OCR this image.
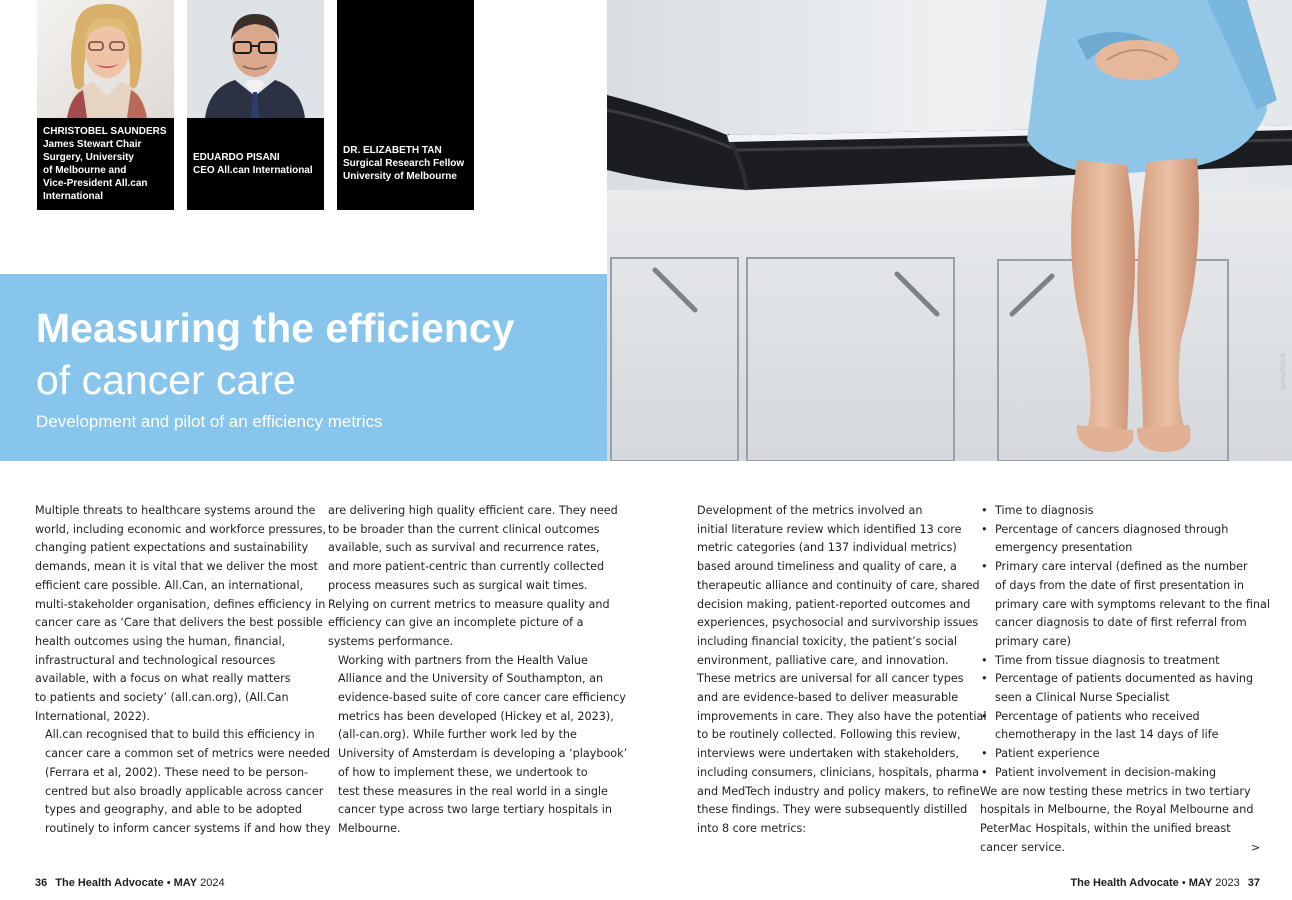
CHRISTOBEL SAUNDERS
James Stewart Chair
Surgery, University
of Melbourne and
Vice-President All.can
International
EDUARDO PISANI
CEO All.can International
DR. ELIZABETH TAN
Surgical Research Fellow
University of Melbourne
Getty/iStock
Measuring the efficiency
of cancer care
Development and pilot of an efficiency metrics

Multiple threats to healthcare systems around the
world, including economic and workforce pressures,
changing patient expectations and sustainability
demands, mean it is vital that we deliver the most
efficient care possible. All.Can, an international,
multi-stakeholder organisation, defines efficiency in
cancer care as ‘Care that delivers the best possible
health outcomes using the human, financial,
infrastructural and technological resources
available, with a focus on what really matters
to patients and society’ (all.can.org), (All.Can
International, 2022).

All.can recognised that to build this efficiency in
cancer care a common set of metrics were needed
(Ferrara et al, 2002). These need to be person-
centred but also broadly applicable across cancer
types and geography, and able to be adopted
routinely to inform cancer systems if and how they

are delivering high quality efficient care. They need
to be broader than the current clinical outcomes
available, such as survival and recurrence rates,
and more patient-centric than currently collected
process measures such as surgical wait times.
Relying on current metrics to measure quality and
efficiency can give an incomplete picture of a
systems performance.

Working with partners from the Health Value
Alliance and the University of Southampton, an
evidence-based suite of core cancer care efficiency
metrics has been developed (Hickey et al, 2023),
(all-can.org). While further work led by the
University of Amsterdam is developing a ‘playbook’
of how to implement these, we undertook to
test these measures in the real world in a single
cancer type across two large tertiary hospitals in
Melbourne.

Development of the metrics involved an
initial literature review which identified 13 core
metric categories (and 137 individual metrics)
based around timeliness and quality of care, a
therapeutic alliance and continuity of care, shared
decision making, patient-reported outcomes and
experiences, psychosocial and survivorship issues
including financial toxicity, the patient’s social
environment, palliative care, and innovation.
These metrics are universal for all cancer types
and are evidence-based to deliver measurable
improvements in care. They also have the potential
to be routinely collected. Following this review,
interviews were undertaken with stakeholders,
including consumers, clinicians, hospitals, pharma
and MedTech industry and policy makers, to refine
these findings. They were subsequently distilled
into 8 core metrics:

• Time to diagnosis
• Percentage of cancers diagnosed through
emergency presentation
• Primary care interval (defined as the number
of days from the date of first presentation in
primary care with symptoms relevant to the final
cancer diagnosis to date of first referral from
primary care)
• Time from tissue diagnosis to treatment
• Percentage of patients documented as having
seen a Clinical Nurse Specialist
• Percentage of patients who received
chemotherapy in the last 14 days of life
• Patient experience
• Patient involvement in decision-making

We are now testing these metrics in two tertiary
hospitals in Melbourne, the Royal Melbourne and
PeterMac Hospitals, within the unified breast
cancer service.	>
36 The Health Advocate • MAY 2024	The Health Advocate • MAY 2023 37
